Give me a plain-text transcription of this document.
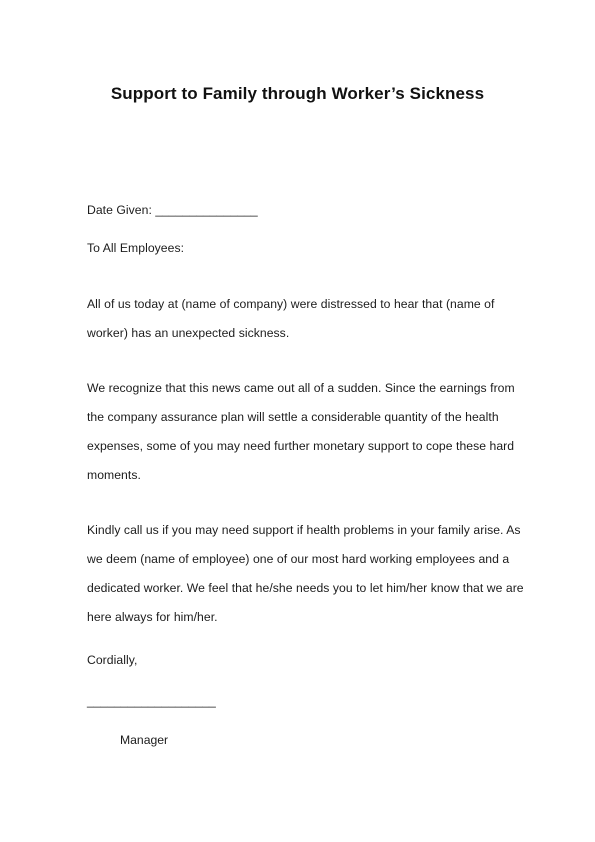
Support to Family through Worker’s Sickness
Date Given: _______________
To All Employees:
All of us today at (name of company) were distressed to hear that (name of
worker) has an unexpected sickness.
We recognize that this news came out all of a sudden. Since the earnings from
the company assurance plan will settle a considerable quantity of the health
expenses, some of you may need further monetary support to cope these hard
moments.
Kindly call us if you may need support if health problems in your family arise. As
we deem (name of employee) one of our most hard working employees and a
dedicated worker. We feel that he/she needs you to let him/her know that we are
here always for him/her.
Cordially,
___________________
Manager
